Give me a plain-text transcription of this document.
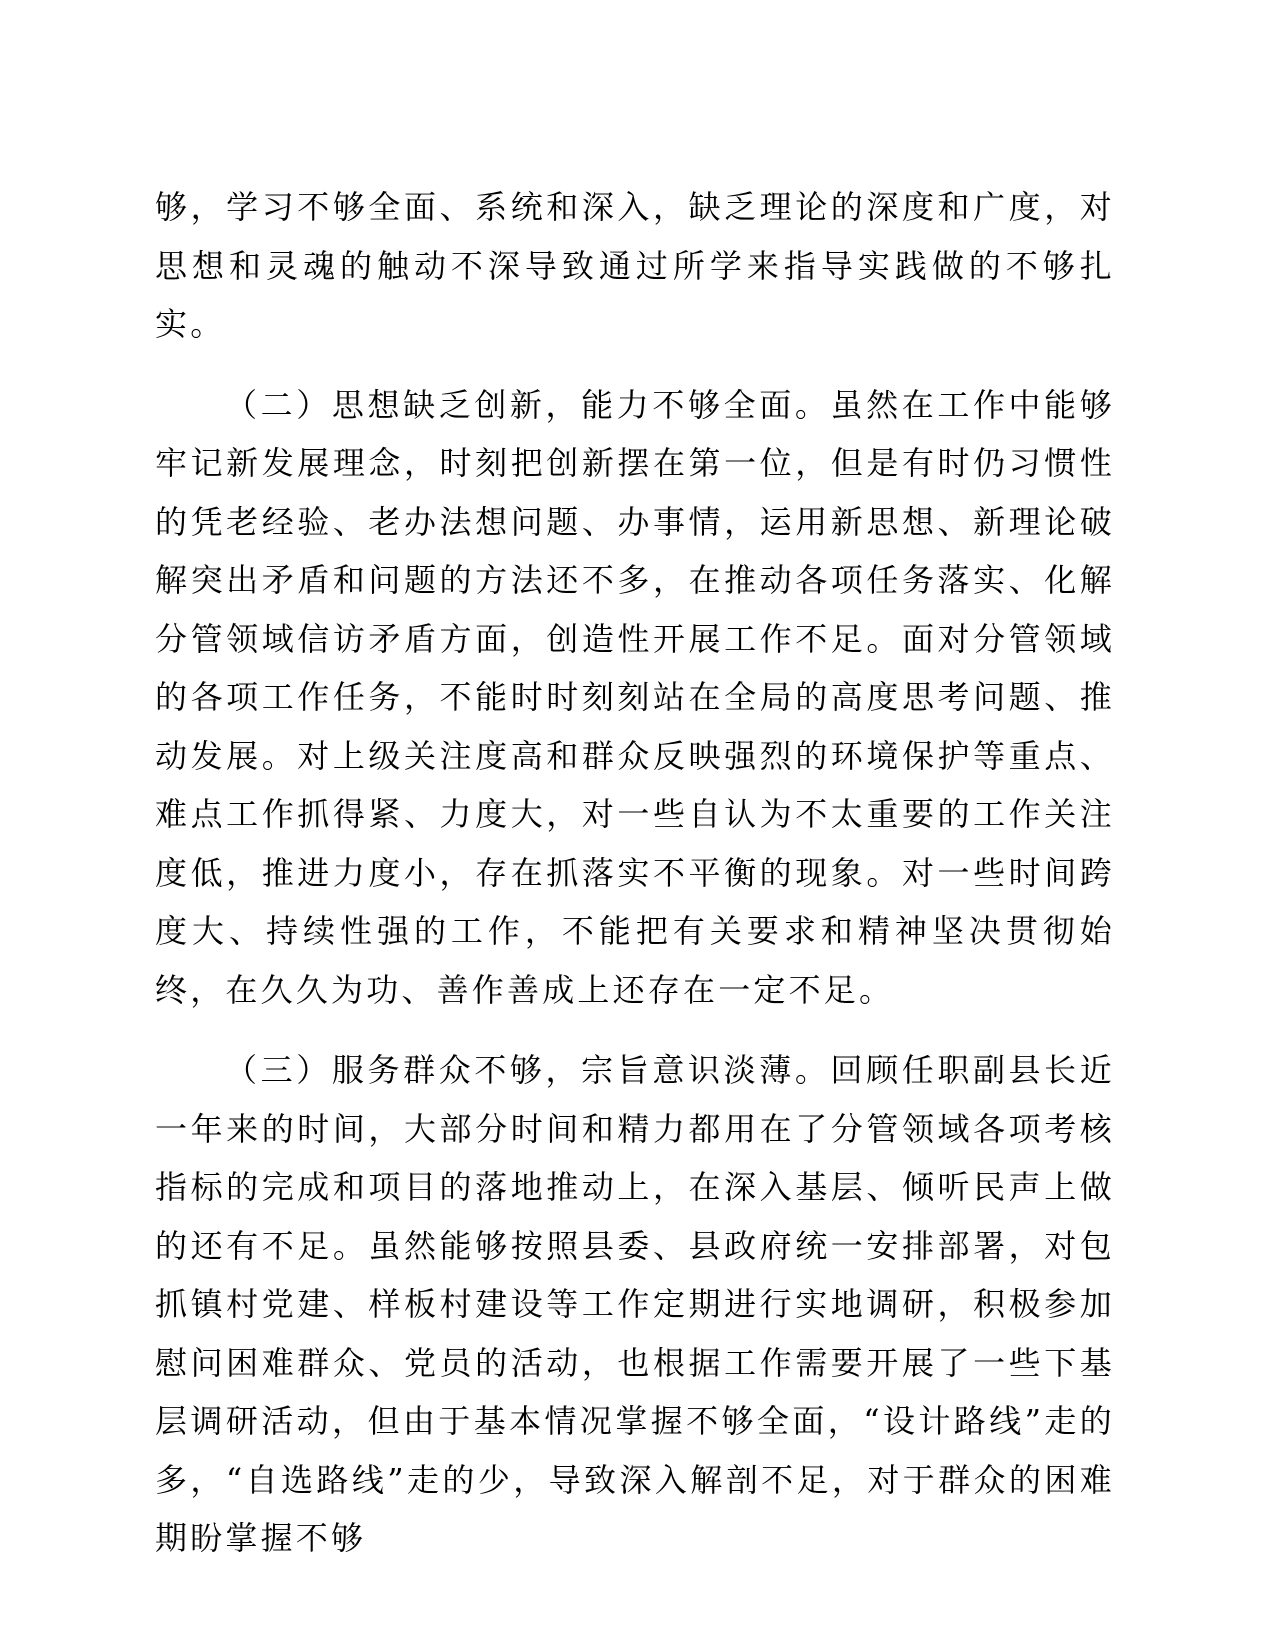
够，学习不够全面、系统和深入，缺乏理论的深度和广度，对思想和灵魂的触动不深导致通过所学来指导实践做的不够扎实。

（二）思想缺乏创新，能力不够全面。虽然在工作中能够牢记新发展理念，时刻把创新摆在第一位，但是有时仍习惯性的凭老经验、老办法想问题、办事情，运用新思想、新理论破解突出矛盾和问题的方法还不多，在推动各项任务落实、化解分管领域信访矛盾方面，创造性开展工作不足。面对分管领域的各项工作任务，不能时时刻刻站在全局的高度思考问题、推动发展。对上级关注度高和群众反映强烈的环境保护等重点、难点工作抓得紧、力度大，对一些自认为不太重要的工作关注度低，推进力度小，存在抓落实不平衡的现象。对一些时间跨度大、持续性强的工作，不能把有关要求和精神坚决贯彻始终，在久久为功、善作善成上还存在一定不足。

（三）服务群众不够，宗旨意识淡薄。回顾任职副县长近一年来的时间，大部分时间和精力都用在了分管领域各项考核指标的完成和项目的落地推动上，在深入基层、倾听民声上做的还有不足。虽然能够按照县委、县政府统一安排部署，对包抓镇村党建、样板村建设等工作定期进行实地调研，积极参加慰问困难群众、党员的活动，也根据工作需要开展了一些下基层调研活动，但由于基本情况掌握不够全面，“设计路线”走的多，“自选路线”走的少，导致深入解剖不足，对于群众的困难期盼掌握不够
